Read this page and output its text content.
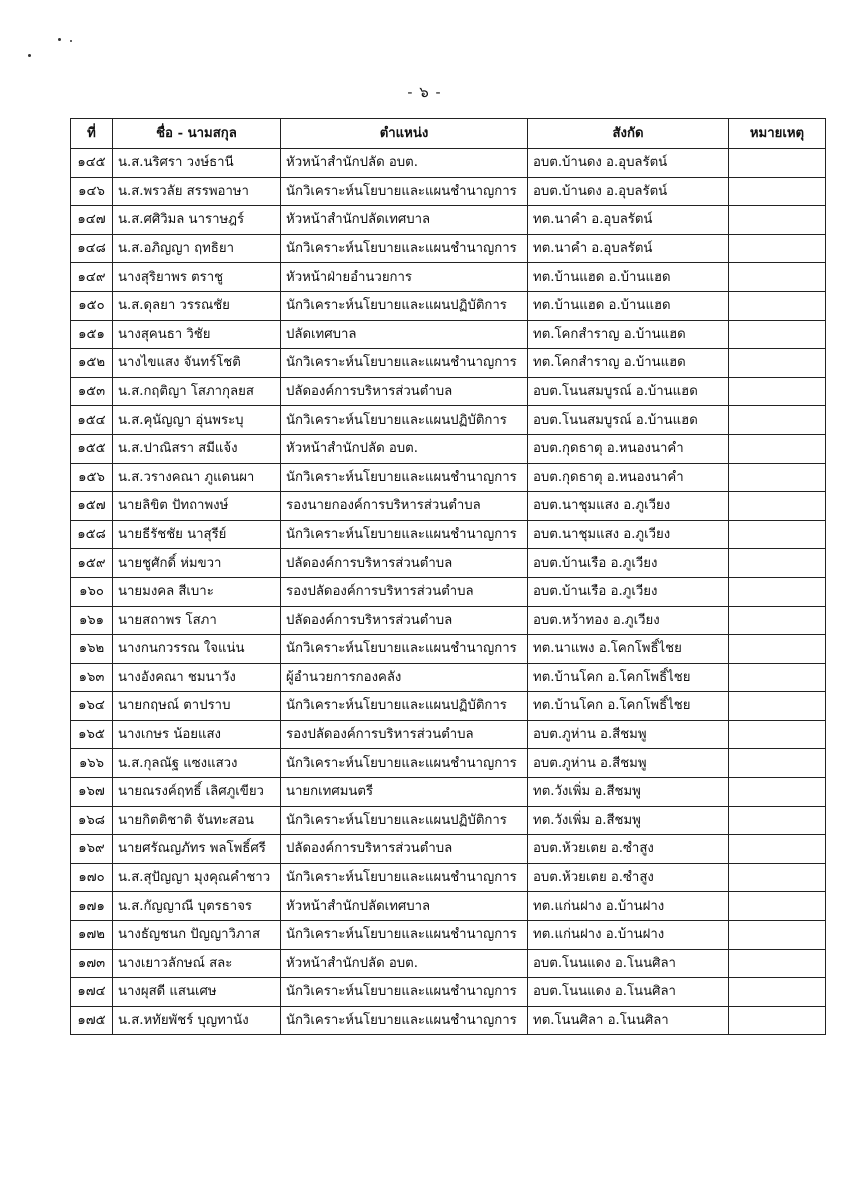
- ๖ -
ที่	ชื่อ - นามสกุล	ตำแหน่ง	สังกัด	หมายเหตุ
๑๔๕	น.ส.นริศรา วงษ์ธานี	หัวหน้าสำนักปลัด อบต.	อบต.บ้านดง อ.อุบลรัตน์	
๑๔๖	น.ส.พรวลัย สรรพอาษา	นักวิเคราะห์นโยบายและแผนชำนาญการ	อบต.บ้านดง อ.อุบลรัตน์	
๑๔๗	น.ส.ศศิวิมล นาราษฎร์	หัวหน้าสำนักปลัดเทศบาล	ทต.นาคำ อ.อุบลรัตน์	
๑๔๘	น.ส.อภิญญา ฤทธิยา	นักวิเคราะห์นโยบายและแผนชำนาญการ	ทต.นาคำ อ.อุบลรัตน์	
๑๔๙	นางสุริยาพร ตราชู	หัวหน้าฝ่ายอำนวยการ	ทต.บ้านแฮด อ.บ้านแฮด	
๑๕๐	น.ส.ดุลยา วรรณชัย	นักวิเคราะห์นโยบายและแผนปฏิบัติการ	ทต.บ้านแฮด อ.บ้านแฮด	
๑๕๑	นางสุคนธา วิชัย	ปลัดเทศบาล	ทต.โคกสำราญ อ.บ้านแฮด	
๑๕๒	นางไขแสง จันทร์โชติ	นักวิเคราะห์นโยบายและแผนชำนาญการ	ทต.โคกสำราญ อ.บ้านแฮด	
๑๕๓	น.ส.กฤติญา โสภากุลยส	ปลัดองค์การบริหารส่วนตำบล	อบต.โนนสมบูรณ์ อ.บ้านแฮด	
๑๕๔	น.ส.คุนัญญา อุ่นพระบุ	นักวิเคราะห์นโยบายและแผนปฏิบัติการ	อบต.โนนสมบูรณ์ อ.บ้านแฮด	
๑๕๕	น.ส.ปาณิสรา สมีแจ้ง	หัวหน้าสำนักปลัด อบต.	อบต.กุดธาตุ อ.หนองนาคำ	
๑๕๖	น.ส.วรางคณา ภูแดนผา	นักวิเคราะห์นโยบายและแผนชำนาญการ	อบต.กุดธาตุ อ.หนองนาคำ	
๑๕๗	นายลิขิต ปัทถาพงษ์	รองนายกองค์การบริหารส่วนตำบล	อบต.นาชุมแสง อ.ภูเวียง	
๑๕๘	นายธีรัชชัย นาสุรีย์	นักวิเคราะห์นโยบายและแผนชำนาญการ	อบต.นาชุมแสง อ.ภูเวียง	
๑๕๙	นายชูศักดิ์ ห่มขวา	ปลัดองค์การบริหารส่วนตำบล	อบต.บ้านเรือ อ.ภูเวียง	
๑๖๐	นายมงคล สีเบาะ	รองปลัดองค์การบริหารส่วนตำบล	อบต.บ้านเรือ อ.ภูเวียง	
๑๖๑	นายสถาพร โสภา	ปลัดองค์การบริหารส่วนตำบล	อบต.หว้าทอง อ.ภูเวียง	
๑๖๒	นางกนกวรรณ ใจแน่น	นักวิเคราะห์นโยบายและแผนชำนาญการ	ทต.นาแพง อ.โคกโพธิ์ไชย	
๑๖๓	นางอังคณา ชมนาวัง	ผู้อำนวยการกองคลัง	ทต.บ้านโคก อ.โคกโพธิ์ไชย	
๑๖๔	นายกฤษณ์ ตาปราบ	นักวิเคราะห์นโยบายและแผนปฏิบัติการ	ทต.บ้านโคก อ.โคกโพธิ์ไชย	
๑๖๕	นางเกษร น้อยแสง	รองปลัดองค์การบริหารส่วนตำบล	อบต.ภูห่าน อ.สีชมพู	
๑๖๖	น.ส.กุลณัฐ แซงแสวง	นักวิเคราะห์นโยบายและแผนชำนาญการ	อบต.ภูห่าน อ.สีชมพู	
๑๖๗	นายณรงค์ฤทธิ์ เลิศภูเขียว	นายกเทศมนตรี	ทต.วังเพิ่ม อ.สีชมพู	
๑๖๘	นายกิตติชาติ จันทะสอน	นักวิเคราะห์นโยบายและแผนปฏิบัติการ	ทต.วังเพิ่ม อ.สีชมพู	
๑๖๙	นายศรัณญภัทร พลโพธิ์ศรี	ปลัดองค์การบริหารส่วนตำบล	อบต.ห้วยเตย อ.ซำสูง	
๑๗๐	น.ส.สุปัญญา มุงคุณคำชาว	นักวิเคราะห์นโยบายและแผนชำนาญการ	อบต.ห้วยเตย อ.ซำสูง	
๑๗๑	น.ส.กัญญาณี บุตรธาจร	หัวหน้าสำนักปลัดเทศบาล	ทต.แก่นฝาง อ.บ้านฝาง	
๑๗๒	นางธัญชนก ปัญญาวิภาส	นักวิเคราะห์นโยบายและแผนชำนาญการ	ทต.แก่นฝาง อ.บ้านฝาง	
๑๗๓	นางเยาวลักษณ์ สละ	หัวหน้าสำนักปลัด อบต.	อบต.โนนแดง อ.โนนศิลา	
๑๗๔	นางผุสดี แสนเศษ	นักวิเคราะห์นโยบายและแผนชำนาญการ	อบต.โนนแดง อ.โนนศิลา	
๑๗๕	น.ส.หทัยพัชร์ บุญทานัง	นักวิเคราะห์นโยบายและแผนชำนาญการ	ทต.โนนศิลา อ.โนนศิลา	
